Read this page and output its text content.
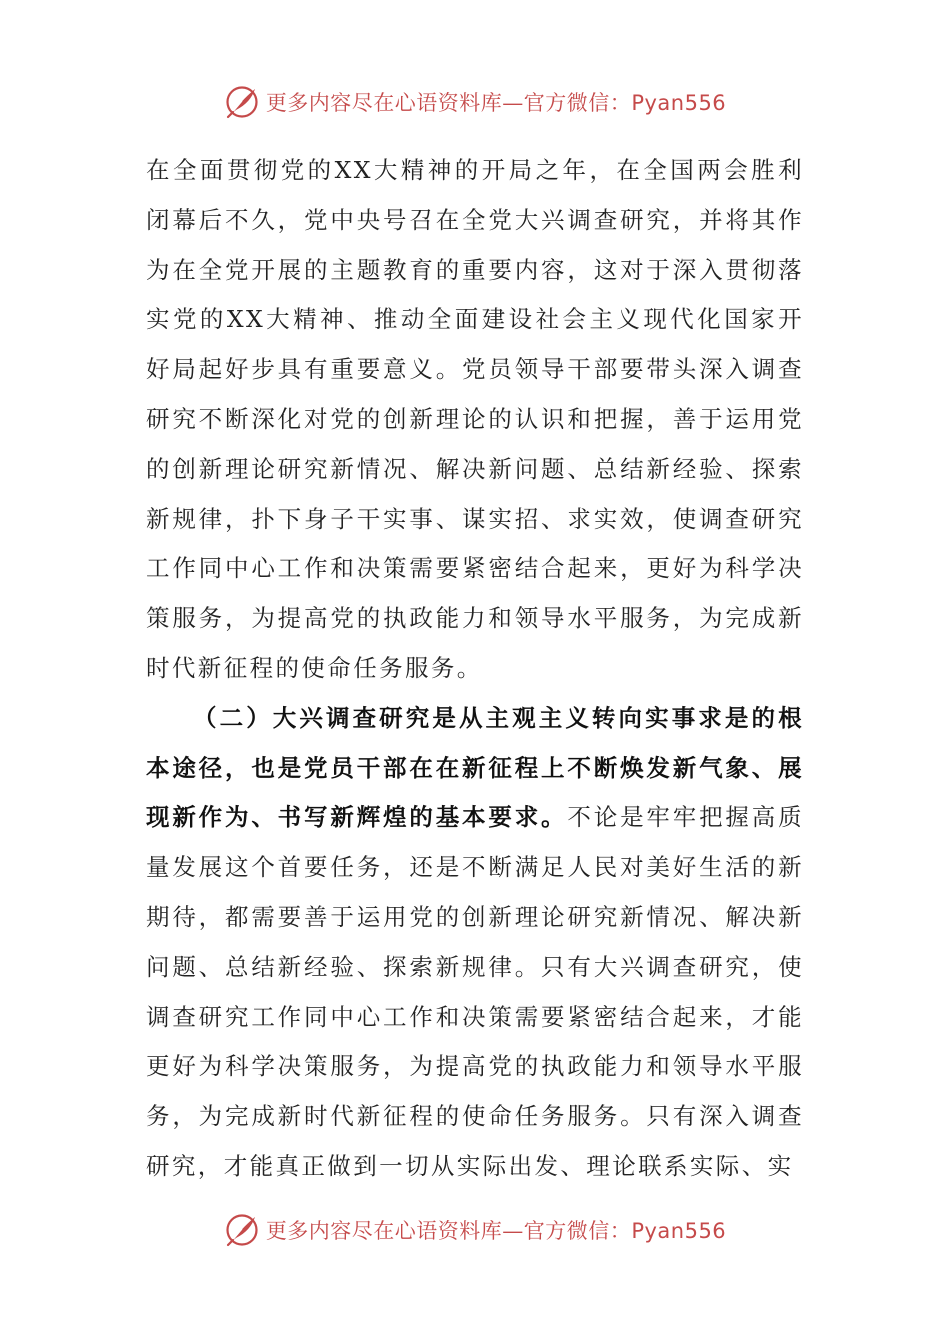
更多内容尽在心语资料库—官方微信：Pyan556

在全面贯彻党的XX大精神的开局之年，在全国两会胜利闭幕后不久，党中央号召在全党大兴调查研究，并将其作为在全党开展的主题教育的重要内容，这对于深入贯彻落实党的XX大精神、推动全面建设社会主义现代化国家开好局起好步具有重要意义。党员领导干部要带头深入调查研究不断深化对党的创新理论的认识和把握，善于运用党的创新理论研究新情况、解决新问题、总结新经验、探索新规律，扑下身子干实事、谋实招、求实效，使调查研究工作同中心工作和决策需要紧密结合起来，更好为科学决策服务，为提高党的执政能力和领导水平服务，为完成新时代新征程的使命任务服务。

（二）大兴调查研究是从主观主义转向实事求是的根本途径，也是党员干部在在新征程上不断焕发新气象、展现新作为、书写新辉煌的基本要求。不论是牢牢把握高质量发展这个首要任务，还是不断满足人民对美好生活的新期待，都需要善于运用党的创新理论研究新情况、解决新问题、总结新经验、探索新规律。只有大兴调查研究，使调查研究工作同中心工作和决策需要紧密结合起来，才能更好为科学决策服务，为提高党的执政能力和领导水平服务，为完成新时代新征程的使命任务服务。只有深入调查研究，才能真正做到一切从实际出发、理论联系实际、实

更多内容尽在心语资料库—官方微信：Pyan556
